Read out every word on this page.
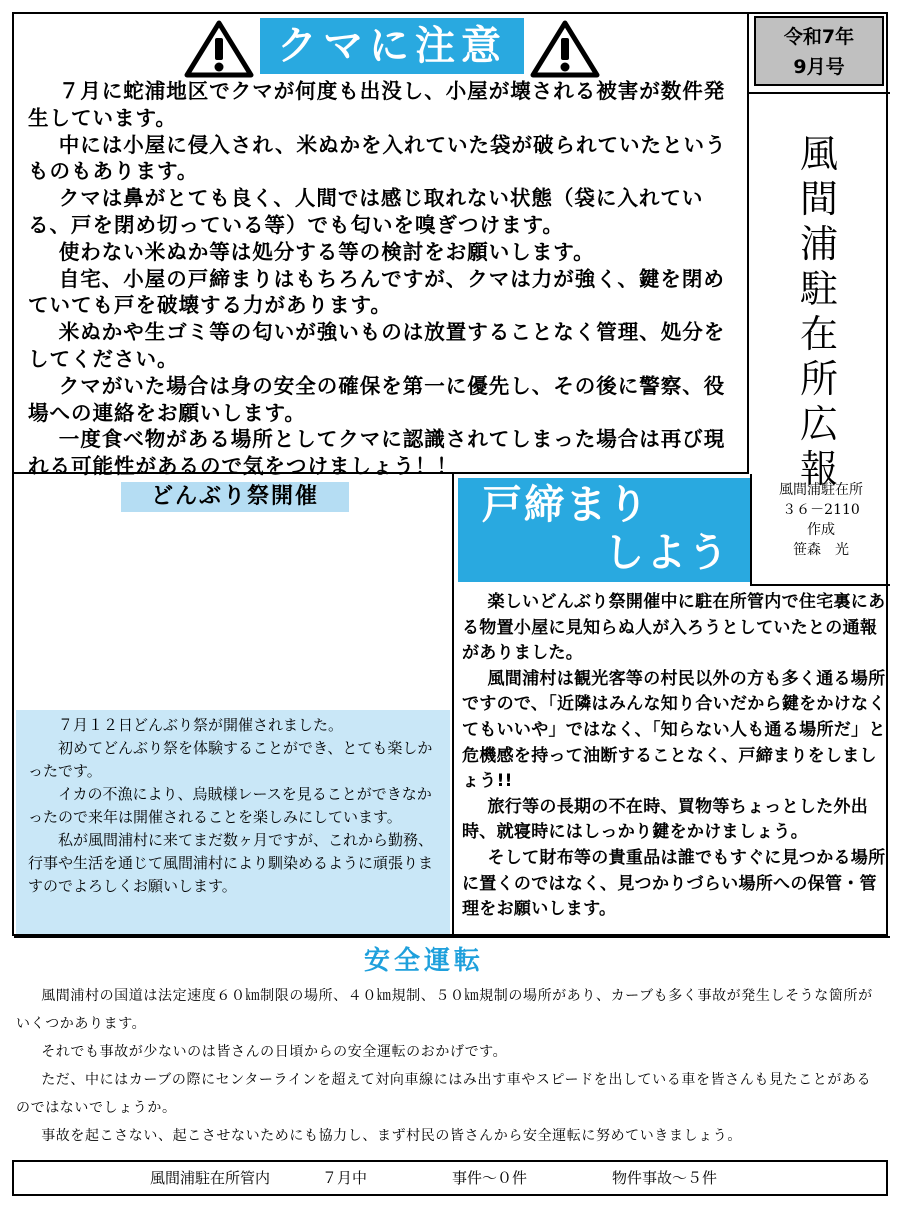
クマに注意

７月に蛇浦地区でクマが何度も出没し、小屋が壊される被害が数件発生しています。

中には小屋に侵入され、米ぬかを入れていた袋が破られていたというものもあります。

クマは鼻がとても良く、人間では感じ取れない状態（袋に入れている、戸を閉め切っている等）でも匂いを嗅ぎつけます。

使わない米ぬか等は処分する等の検討をお願いします。

自宅、小屋の戸締まりはもちろんですが、クマは力が強く、鍵を閉めていても戸を破壊する力があります。

米ぬかや生ゴミ等の匂いが強いものは放置することなく管理、処分をしてください。

クマがいた場合は身の安全の確保を第一に優先し、その後に警察、役場への連絡をお願いします。

一度食べ物がある場所としてクマに認識されてしまった場合は再び現れる可能性があるので気をつけましょう！！

令和7年
9月号
風
間
浦
駐
在
所
広
報
どんぶり祭開催

７月１２日どんぶり祭が開催されました。

初めてどんぶり祭を体験することができ、とても楽しかったです。

イカの不漁により、烏賊様レースを見ることができなかったので来年は開催されることを楽しみにしています。

私が風間浦村に来てまだ数ヶ月ですが、これから勤務、行事や生活を通じて風間浦村により馴染めるように頑張りますのでよろしくお願いします。

戸締まり
しよう
風間浦駐在所
３６－2110
作成
笹森　光

楽しいどんぶり祭開催中に駐在所管内で住宅裏にある物置小屋に見知らぬ人が入ろうとしていたとの通報がありました。

風間浦村は観光客等の村民以外の方も多く通る場所ですので、「近隣はみんな知り合いだから鍵をかけなくてもいいや」ではなく、「知らない人も通る場所だ」と危機感を持って油断することなく、戸締まりをしましょう!!

旅行等の長期の不在時、買物等ちょっとした外出時、就寝時にはしっかり鍵をかけましょう。

そして財布等の貴重品は誰でもすぐに見つかる場所に置くのではなく、見つかりづらい場所への保管・管理をお願いします。

安全運転

風間浦村の国道は法定速度６０㎞制限の場所、４０㎞規制、５０㎞規制の場所があり、カーブも多く事故が発生しそうな箇所がいくつかあります。

それでも事故が少ないのは皆さんの日頃からの安全運転のおかげです。

ただ、中にはカーブの際にセンターラインを超えて対向車線にはみ出す車やスピードを出している車を皆さんも見たことがあるのではないでしょうか。

事故を起こさない、起こさせないためにも協力し、まず村民の皆さんから安全運転に努めていきましょう。

風間浦駐在所管内	７月中	事件～０件	物件事故～５件
